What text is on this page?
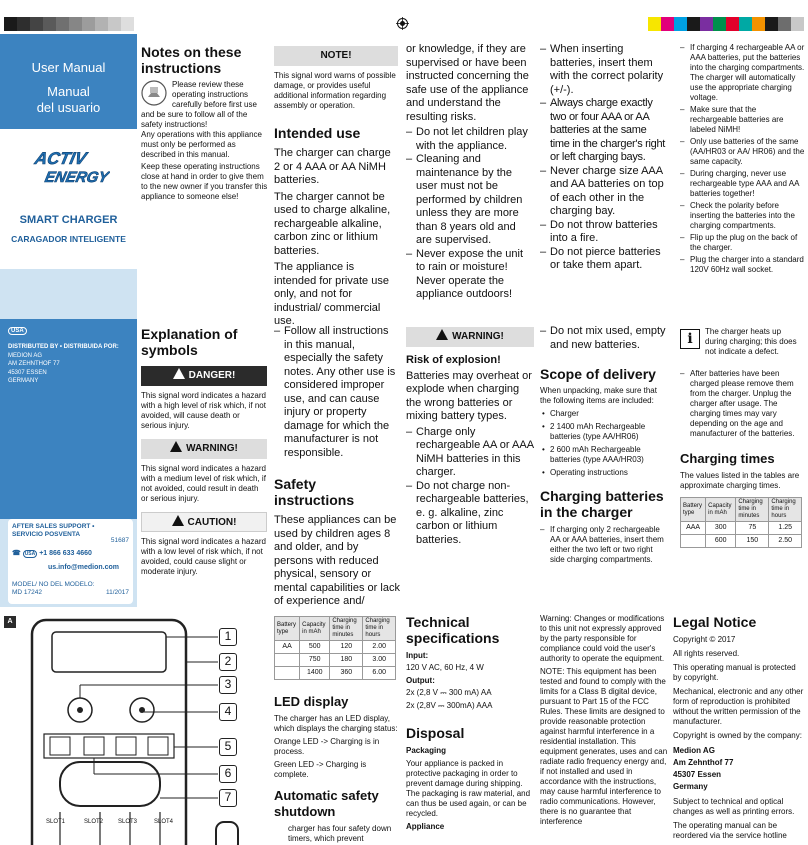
User Manual
Manual
del usuario
ACTIV
ENERGY
SMART CHARGER
CARAGADOR INTELIGENTE
USA
DISTRIBUTED BY • DISTRIBUIDA POR:
MEDION AG
AM ZEHNTHOF 77
45307 ESSEN
GERMANY
AFTER SALES SUPPORT • SERVICIO POSVENTA
51687
☎ USA +1 866 633 4660
us.info@medion.com
MODEL/ NO DEL MODELO:
MD 17242	11/2017
Notes on these instructions
Please review these operating instructions carefully before first use and be sure to follow all of the safety instructions!
Any operations with this appliance must only be performed as described in this manual.
Keep these operating instructions close at hand in order to give them to the new owner if you transfer this appliance to someone else!
NOTE!
This signal word warns of possible damage, or provides useful additional information regarding assembly or operation.
Intended use
The charger can charge 2 or 4 AAA or AA NiMH batteries.
The charger cannot be used to charge alkaline, rechargeable alkaline, carbon zinc or lithium batteries.
The appliance is intended for private use only, and not for industrial/ commercial use.
or knowledge, if they are supervised or have been instructed concerning the safe use of the appliance and understand the resulting risks.
– Do not let children play with the appliance.
– Cleaning and maintenance by the user must not be performed by children unless they are more than 8 years old and are supervised.
– Never expose the unit to rain or moisture! Never operate the appliance outdoors!
– When inserting batteries, insert them with the correct polarity (+/-).
– Always charge exactly two or four AAA or AA batteries at the same time in the charger's right or left charging bays.
– Never charge size AAA and AA batteries on top of each other in the charging bay.
– Do not throw batteries into a fire.
– Do not pierce batteries or take them apart.
– If charging 4 rechargeable AA or AAA batteries, put the batteries into the charging compartments. The charger will automatically use the appropriate charging voltage.
– Make sure that the rechargeable batteries are labeled NiMH!
– Only use batteries of the same (AA/HR03 or AA/ HR06) and the same capacity.
– During charging, never use rechargeable type AAA and AA batteries together!
– Check the polarity before inserting the batteries into the charging compartments.
– Flip up the plug on the back of the charger.
– Plug the charger into a standard 120V 60Hz wall socket.
Explanation of symbols
DANGER!
This signal word indicates a hazard with a high level of risk which, if not avoided, will cause death or serious injury.
WARNING!
This signal word indicates a hazard with a medium level of risk which, if not avoided, could result in death or serious injury.
CAUTION!
This signal word indicates a hazard with a low level of risk which, if not avoided, could cause slight or moderate injury.
– Follow all instructions in this manual, especially the safety notes. Any other use is considered improper use, and can cause injury or property damage for which the manufacturer is not responsible.
Safety instructions
These appliances can be used by children ages 8 and older, and by persons with reduced physical, sensory or mental capabilities or lack of experience and/
WARNING!
Risk of explosion!
Batteries may overheat or explode when charging the wrong batteries or mixing battery types.
– Charge only rechargeable AA or AAA NiMH batteries in this charger.
– Do not charge non-rechargeable batteries, e. g. alkaline, zinc carbon or lithium batteries.
– Do not mix used, empty and new batteries.
Scope of delivery
When unpacking, make sure that the following items are included:
• Charger
• 2 1400 mAh Rechargeable batteries (type AA/HR06)
• 2 600 mAh Rechargeable batteries (type AAA/HR03)
• Operating instructions
Charging batteries in the charger
– If charging only 2 rechargeable AA or AAA batteries, insert them either the two left or two right side charging compartments.
i	The charger heats up during charging; this does not indicate a defect.
– After batteries have been charged please remove them from the charger. Unplug the charger after usage. The charging times may vary depending on the age and manufacturer of the batteries.
Charging times
The values listed in the tables are approximate charging times.
Battery type	Capacity in mAh	Charging time in minutes	Charging time in hours
AAA	300	75	1.25
	600	150	2.50
A
1
2
3
4
5
6
7
SLOT1	SLOT2 SLOT3	SLOT4
Battery type	Capacity in mAh	Charging time in minutes	Charging time in hours
AA	500	120	2.00
	750	180	3.00
	1400	360	6.00
LED display
The charger has an LED display, which displays the charging status:
Orange LED -> Charging is in process.
Green LED -> Charging is complete.
Automatic safety shutdown
charger has four safety down timers, which prevent
Technical specifications
Input:
120 V AC, 60 Hz, 4 W
Output:
2x (2,8 V ⎓ 300 mA) AA
2x (2,8V ⎓ 300mA) AAA
Disposal
Packaging
Your appliance is packed in protective packaging in order to prevent damage during shipping. The packaging is raw material, and can thus be used again, or can be recycled.
Appliance
Warning: Changes or modifications to this unit not expressly approved by the party responsible for compliance could void the user's authority to operate the equipment.
NOTE: This equipment has been tested and found to comply with the limits for a Class B digital device, pursuant to Part 15 of the FCC Rules. These limits are designed to provide reasonable protection against harmful interference in a residential installation. This equipment generates, uses and can radiate radio frequency energy and, if not installed and used in accordance with the instructions, may cause harmful interference to radio communications. However, there is no guarantee that interference
Legal Notice
Copyright © 2017
All rights reserved.
This operating manual is protected by copyright.
Mechanical, electronic and any other form of reproduction is prohibited without the written permission of the manufacturer.
Copyright is owned by the company:
Medion AG
Am Zehnthof 77
45307 Essen
Germany
Subject to technical and optical changes as well as printing errors.
The operating manual can be reordered via the service hotline
